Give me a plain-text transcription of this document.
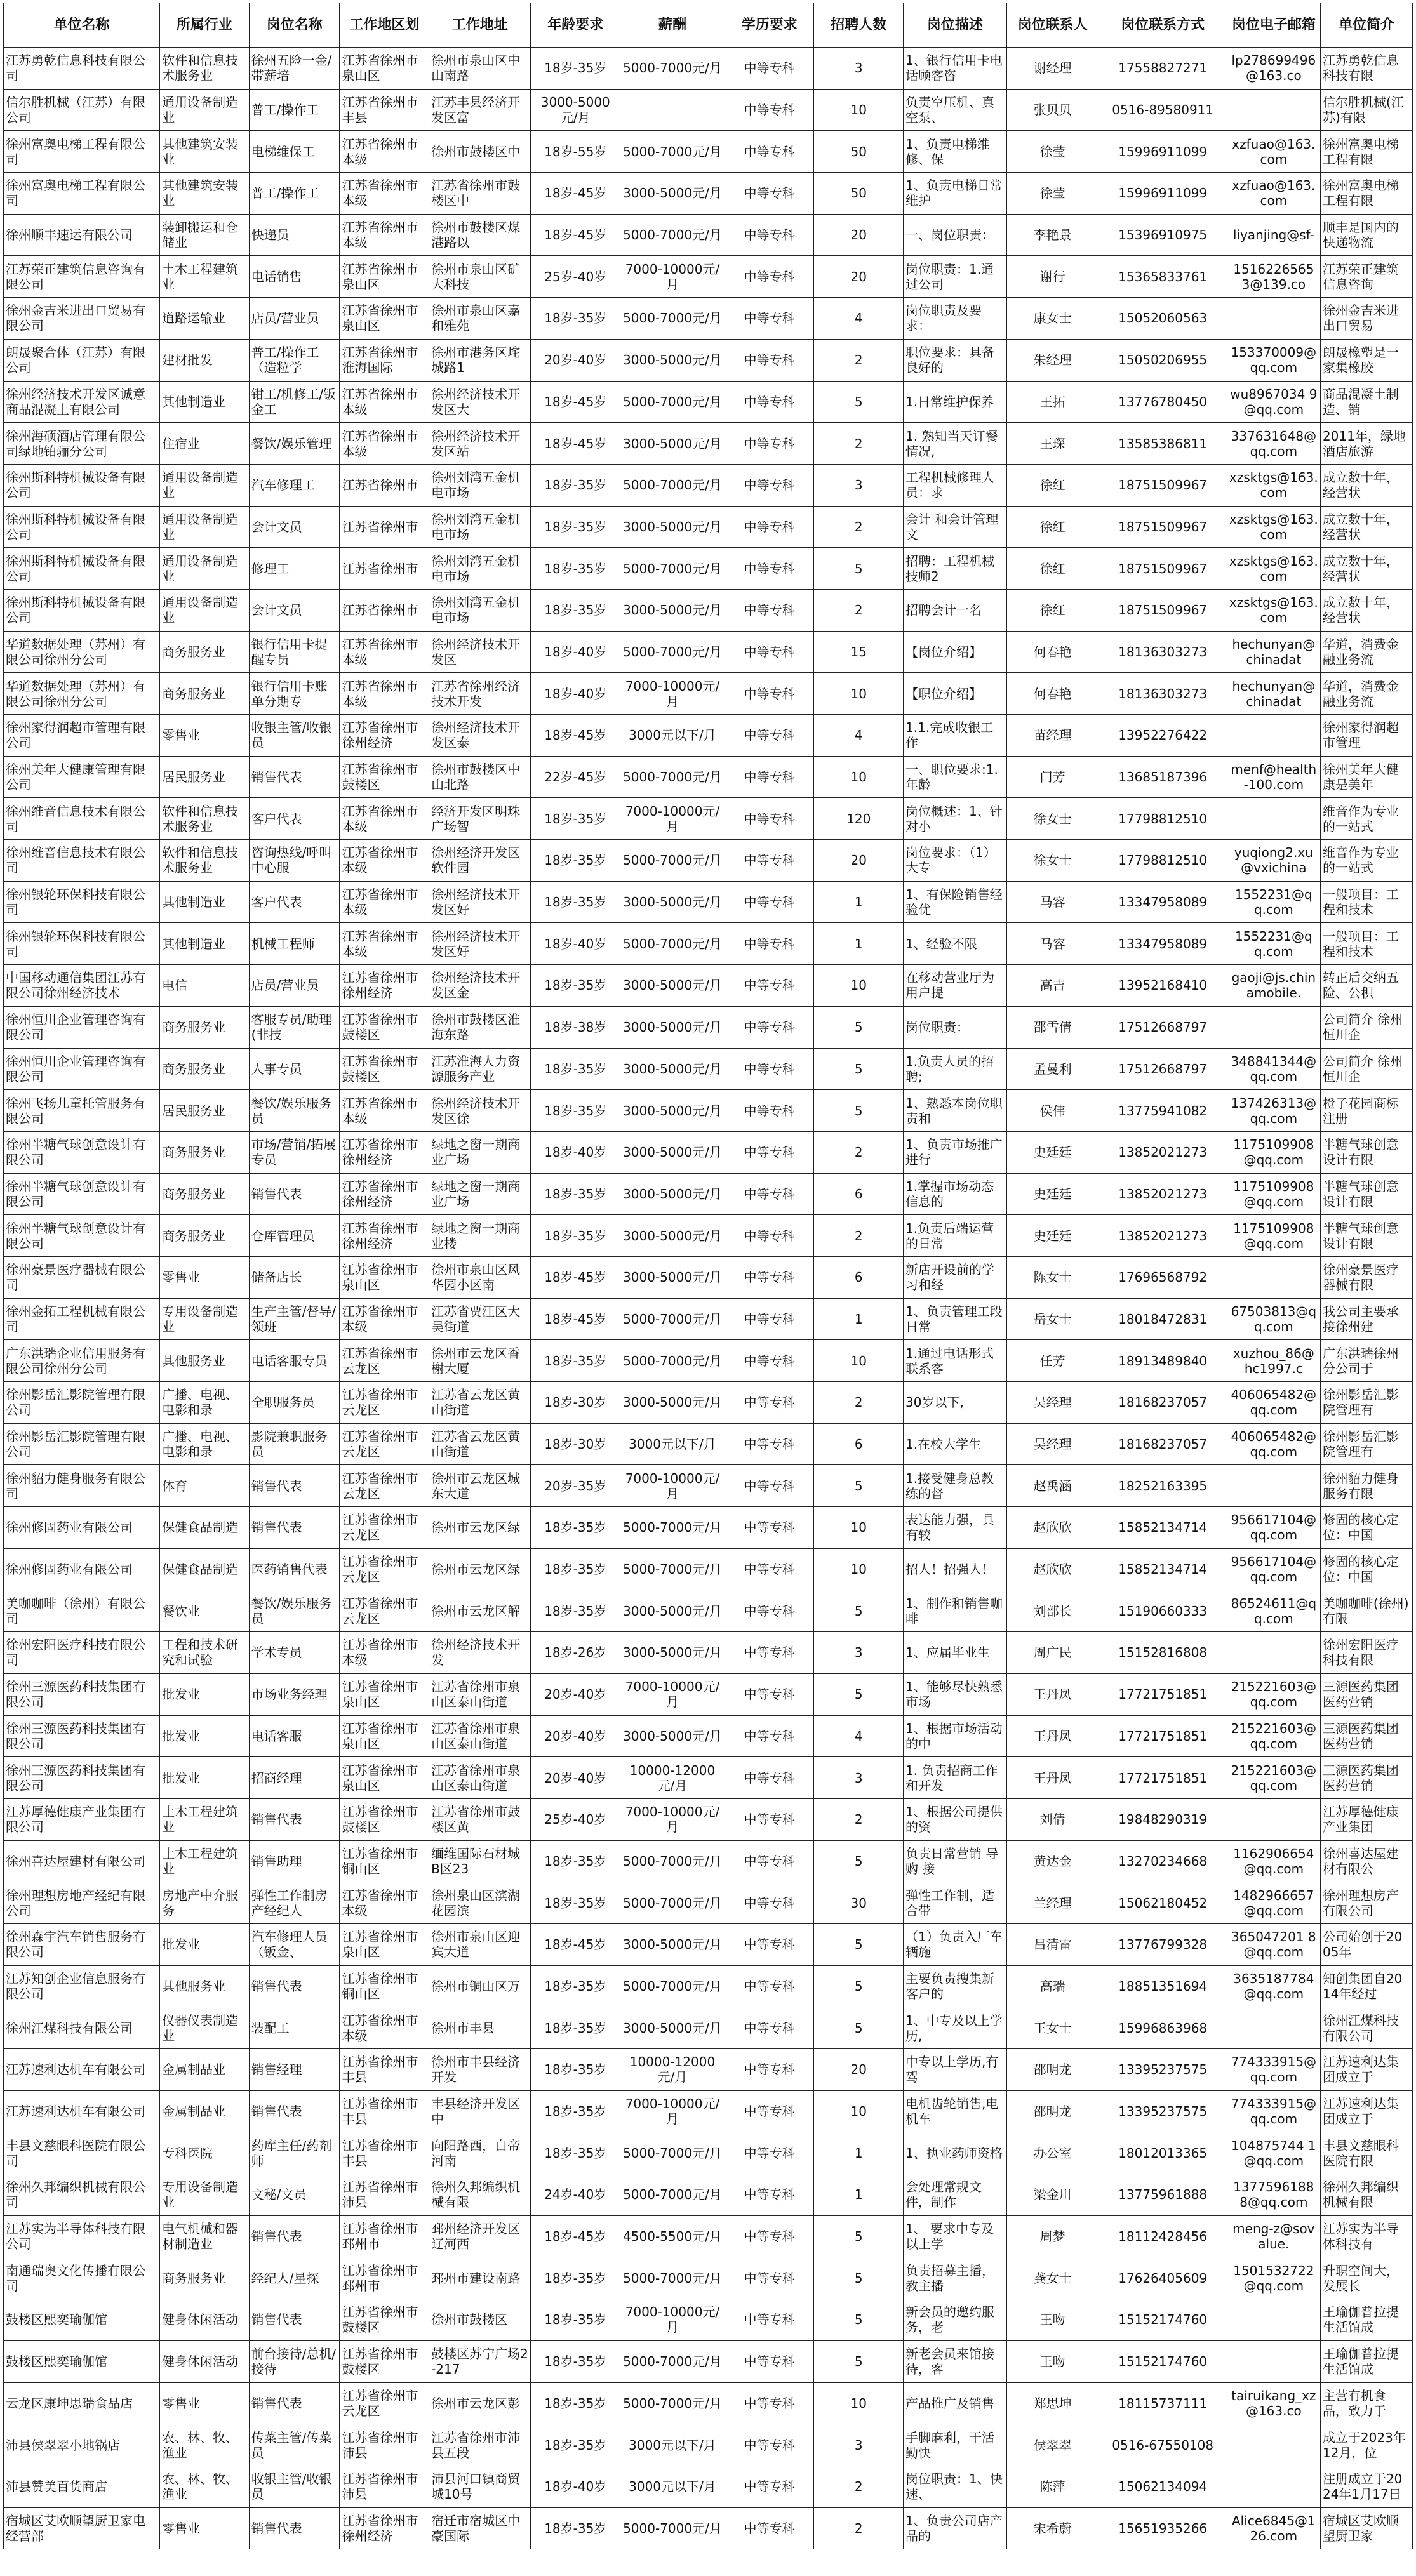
单位名称	所属行业	岗位名称	工作地区划	工作地址	年龄要求	薪酬	学历要求	招聘人数	岗位描述	岗位联系人	岗位联系方式	岗位电子邮箱	单位简介

江苏勇乾信息科技有限公司	软件和信息技术服务业	徐州五险一金/带薪培	江苏省徐州市泉山区	徐州市泉山区中山南路	18岁-35岁	5000-7000元/月	中等专科	3	1、银行信用卡电话顾客咨	谢经理	17558827271	lp278699496@163.co	江苏勇乾信息科技有限

信尔胜机械（江苏）有限公司	通用设备制造业	普工/操作工	江苏省徐州市丰县	江苏丰县经济开发区富	3000-5000元/月		中等专科	10	负责空压机、真空泵、	张贝贝	0516-89580911		信尔胜机械(江苏)有限

徐州富奥电梯工程有限公司	其他建筑安装业	电梯维保工	江苏省徐州市本级	徐州市鼓楼区中	18岁-55岁	5000-7000元/月	中等专科	50	1、负责电梯维修、保	徐莹	15996911099	xzfuao@163.com	徐州富奥电梯工程有限

徐州富奥电梯工程有限公司	其他建筑安装业	普工/操作工	江苏省徐州市本级	江苏省徐州市鼓楼区中	18岁-45岁	3000-5000元/月	中等专科	50	1、负责电梯日常维护	徐莹	15996911099	xzfuao@163.com	徐州富奥电梯工程有限

徐州顺丰速运有限公司	装卸搬运和仓储业	快递员	江苏省徐州市本级	徐州市鼓楼区煤港路以	18岁-45岁	5000-7000元/月	中等专科	20	一、岗位职责：	李艳景	15396910975	liyanjing@sf-	顺丰是国内的快递物流

江苏荣正建筑信息咨询有限公司	土木工程建筑业	电话销售	江苏省徐州市泉山区	徐州市泉山区矿大科技	25岁-40岁	7000-10000元/月	中等专科	20	岗位职责：1.通过公司	谢行	15365833761	1516226565 3@139.co	江苏荣正建筑信息咨询

徐州金吉米进出口贸易有限公司	道路运输业	店员/营业员	江苏省徐州市泉山区	徐州市泉山区嘉和雅苑	18岁-35岁	5000-7000元/月	中等专科	4	岗位职责及要求：	康女士	15052060563		徐州金吉米进出口贸易

朗晟聚合体（江苏）有限公司	建材批发	普工/操作工（造粒学	江苏省徐州市淮海国际	徐州市港务区垞城路1	20岁-40岁	3000-5000元/月	中等专科	2	职位要求：具备良好的	朱经理	15050206955	153370009@qq.com	朗晟橡塑是一家集橡胶

徐州经济技术开发区诚意商品混凝土有限公司	其他制造业	钳工/机修工/钣金工	江苏省徐州市本级	徐州经济技术开发区大	18岁-45岁	5000-7000元/月	中等专科	5	1.日常维护保养	王拓	13776780450	wu8967034 9@qq.com	商品混凝土制造、销

徐州海硕酒店管理有限公司绿地铂骊分公司	住宿业	餐饮/娱乐管理	江苏省徐州市本级	徐州经济技术开发区站	18岁-45岁	3000-5000元/月	中等专科	2	1. 熟知当天订餐情况,	王琛	13585386811	337631648@qq.com	2011年，绿地酒店旅游

徐州斯科特机械设备有限公司	通用设备制造业	汽车修理工	江苏省徐州市	徐州刘湾五金机电市场	18岁-35岁	5000-7000元/月	中等专科	3	工程机械修理人员：求	徐红	18751509967	xzsktgs@163.com	成立数十年，经营状

徐州斯科特机械设备有限公司	通用设备制造业	会计文员	江苏省徐州市	徐州刘湾五金机电市场	18岁-35岁	3000-5000元/月	中等专科	2	会计 和会计管理 文	徐红	18751509967	xzsktgs@163.com	成立数十年，经营状

徐州斯科特机械设备有限公司	通用设备制造业	修理工	江苏省徐州市	徐州刘湾五金机电市场	18岁-35岁	5000-7000元/月	中等专科	5	招聘：工程机械技师2	徐红	18751509967	xzsktgs@163.com	成立数十年，经营状

徐州斯科特机械设备有限公司	通用设备制造业	会计文员	江苏省徐州市	徐州刘湾五金机电市场	18岁-35岁	3000-5000元/月	中等专科	2	招聘会计一名	徐红	18751509967	xzsktgs@163.com	成立数十年，经营状

华道数据处理（苏州）有限公司徐州分公司	商务服务业	银行信用卡提醒专员	江苏省徐州市本级	徐州经济技术开发区	18岁-40岁	5000-7000元/月	中等专科	15	【岗位介绍】	何春艳	18136303273	hechunyan@chinadat	华道，消费金融业务流

华道数据处理（苏州）有限公司徐州分公司	商务服务业	银行信用卡账单分期专	江苏省徐州市本级	江苏省徐州经济技术开发	18岁-40岁	7000-10000元/月	中等专科	10	【职位介绍】	何春艳	18136303273	hechunyan@chinadat	华道，消费金融业务流

徐州家得润超市管理有限公司	零售业	收银主管/收银员	江苏省徐州市徐州经济	徐州经济技术开发区泰	18岁-45岁	3000元以下/月	中等专科	4	1.1.完成收银工作	苗经理	13952276422		徐州家得润超市管理

徐州美年大健康管理有限公司	居民服务业	销售代表	江苏省徐州市鼓楼区	徐州市鼓楼区中山北路	22岁-45岁	5000-7000元/月	中等专科	10	一、职位要求:1.年龄	门芳	13685187396	menf@health-100.com	徐州美年大健康是美年

徐州维音信息技术有限公司	软件和信息技术服务业	客户代表	江苏省徐州市本级	经济开发区明珠广场智	18岁-35岁	7000-10000元/月	中等专科	120	岗位概述：1、针对小	徐女士	17798812510		维音作为专业的一站式

徐州维音信息技术有限公司	软件和信息技术服务业	咨询热线/呼叫中心服	江苏省徐州市本级	徐州经济开发区软件园	18岁-35岁	5000-7000元/月	中等专科	20	岗位要求：（1）大专	徐女士	17798812510	yuqiong2.xu@vxichina	维音作为专业的一站式

徐州银轮环保科技有限公司	其他制造业	客户代表	江苏省徐州市本级	徐州经济技术开发区好	18岁-35岁	3000-5000元/月	中等专科	1	1、有保险销售经验优	马容	13347958089	1552231@qq.com	一般项目：工程和技术

徐州银轮环保科技有限公司	其他制造业	机械工程师	江苏省徐州市本级	徐州经济技术开发区好	18岁-40岁	5000-7000元/月	中等专科	1	1、经验不限	马容	13347958089	1552231@qq.com	一般项目：工程和技术

中国移动通信集团江苏有限公司徐州经济技术	电信	店员/营业员	江苏省徐州市徐州经济	徐州经济技术开发区金	18岁-35岁	3000-5000元/月	中等专科	10	在移动营业厅为用户提	高吉	13952168410	gaoji@js.chinamobile.	转正后交纳五险、公积

徐州恒川企业管理咨询有限公司	商务服务业	客服专员/助理(非技	江苏省徐州市鼓楼区	徐州市鼓楼区淮海东路	18岁-38岁	3000-5000元/月	中等专科	5	岗位职责：	邵雪倩	17512668797		公司简介 徐州恒川企

徐州恒川企业管理咨询有限公司	商务服务业	人事专员	江苏省徐州市鼓楼区	江苏淮海人力资源服务产业	18岁-35岁	3000-5000元/月	中等专科	5	1.负责人员的招聘;	孟曼利	17512668797	348841344@qq.com	公司简介 徐州恒川企

徐州飞扬儿童托管服务有限公司	居民服务业	餐饮/娱乐服务员	江苏省徐州市本级	徐州经济技术开发区徐	18岁-35岁	3000-5000元/月	中等专科	5	1、熟悉本岗位职责和	侯伟	13775941082	137426313@qq.com	橙子花园商标注册

徐州半糖气球创意设计有限公司	商务服务业	市场/营销/拓展专员	江苏省徐州市徐州经济	绿地之窗一期商业广场	18岁-40岁	3000-5000元/月	中等专科	2	1、负责市场推广进行	史廷廷	13852021273	1175109908@qq.com	半糖气球创意设计有限

徐州半糖气球创意设计有限公司	商务服务业	销售代表	江苏省徐州市徐州经济	绿地之窗一期商业广场	18岁-35岁	3000-5000元/月	中等专科	6	1.掌握市场动态信息的	史廷廷	13852021273	1175109908@qq.com	半糖气球创意设计有限

徐州半糖气球创意设计有限公司	商务服务业	仓库管理员	江苏省徐州市徐州经济	绿地之窗一期商业楼	18岁-35岁	3000-5000元/月	中等专科	2	1.负责后端运营的日常	史廷廷	13852021273	1175109908@qq.com	半糖气球创意设计有限

徐州豪景医疗器械有限公司	零售业	储备店长	江苏省徐州市泉山区	徐州市泉山区风华园小区南	18岁-45岁	3000-5000元/月	中等专科	6	新店开设前的学习和经	陈女士	17696568792		徐州豪景医疗器械有限

徐州金拓工程机械有限公司	专用设备制造业	生产主管/督导/领班	江苏省徐州市本级	江苏省贾汪区大吴街道	18岁-45岁	5000-7000元/月	中等专科	1	1、负责管理工段日常	岳女士	18018472831	67503813@qq.com	我公司主要承接徐州建

广东洪瑞企业信用服务有限公司徐州分公司	其他服务业	电话客服专员	江苏省徐州市云龙区	徐州市云龙区香榭大厦	18岁-35岁	5000-7000元/月	中等专科	10	1.通过电话形式联系客	任芳	18913489840	xuzhou_86@hc1997.c	广东洪瑞徐州分公司于

徐州影岳汇影院管理有限公司	广播、电视、电影和录	全职服务员	江苏省徐州市云龙区	江苏省云龙区黄山街道	18岁-30岁	3000-5000元/月	中等专科	2	30岁以下,	吴经理	18168237057	406065482@qq.com	徐州影岳汇影院管理有

徐州影岳汇影院管理有限公司	广播、电视、电影和录	影院兼职服务员	江苏省徐州市云龙区	江苏省云龙区黄山街道	18岁-30岁	3000元以下/月	中等专科	6	1.在校大学生	吴经理	18168237057	406065482@qq.com	徐州影岳汇影院管理有

徐州貂力健身服务有限公司	体育	销售代表	江苏省徐州市云龙区	徐州市云龙区城东大道	20岁-35岁	7000-10000元/月	中等专科	5	1.接受健身总教练的督	赵禹涵	18252163395		徐州貂力健身服务有限

徐州修固药业有限公司	保健食品制造	销售代表	江苏省徐州市云龙区	徐州市云龙区绿	18岁-35岁	5000-7000元/月	中等专科	10	表达能力强，具有较	赵欣欣	15852134714	956617104@qq.com	修固的核心定位：中国

徐州修固药业有限公司	保健食品制造	医药销售代表	江苏省徐州市云龙区	徐州市云龙区绿	18岁-35岁	5000-7000元/月	中等专科	10	招人！招强人！	赵欣欣	15852134714	956617104@qq.com	修固的核心定位：中国

美咖咖啡（徐州）有限公司	餐饮业	餐饮/娱乐服务员	江苏省徐州市云龙区	徐州市云龙区解	18岁-35岁	3000-5000元/月	中等专科	5	1、制作和销售咖啡	刘部长	15190660333	86524611@qq.com	美咖咖啡(徐州)有限

徐州宏阳医疗科技有限公司	工程和技术研究和试验	学术专员	江苏省徐州市本级	徐州经济技术开发	18岁-26岁	3000-5000元/月	中等专科	3	1、应届毕业生	周广民	15152816808		徐州宏阳医疗科技有限

徐州三源医药科技集团有限公司	批发业	市场业务经理	江苏省徐州市泉山区	江苏省徐州市泉山区泰山街道	20岁-40岁	7000-10000元/月	中等专科	5	1、能够尽快熟悉市场	王丹凤	17721751851	215221603@qq.com	三源医药集团医药营销

徐州三源医药科技集团有限公司	批发业	电话客服	江苏省徐州市泉山区	江苏省徐州市泉山区泰山街道	20岁-40岁	3000-5000元/月	中等专科	4	1、根据市场活动的中	王丹凤	17721751851	215221603@qq.com	三源医药集团医药营销

徐州三源医药科技集团有限公司	批发业	招商经理	江苏省徐州市泉山区	江苏省徐州市泉山区泰山街道	20岁-40岁	10000-12000元/月	中等专科	3	1. 负责招商工作和开发	王丹凤	17721751851	215221603@qq.com	三源医药集团医药营销

江苏厚德健康产业集团有限公司	土木工程建筑业	销售代表	江苏省徐州市鼓楼区	江苏省徐州市鼓楼区黄	25岁-40岁	7000-10000元/月	中等专科	2	1、根据公司提供的资	刘倩	19848290319		江苏厚德健康产业集团

徐州喜达屋建材有限公司	土木工程建筑业	销售助理	江苏省徐州市铜山区	缅维国际石材城B区23	18岁-35岁	5000-7000元/月	中等专科	5	负责日常营销 导购 接	黄达金	13270234668	1162906654@qq.com	徐州喜达屋建材有限公

徐州理想房地产经纪有限公司	房地产中介服务	弹性工作制房产经纪人	江苏省徐州市本级	徐州泉山区滨湖花园滨	18岁-35岁	5000-7000元/月	中等专科	30	弹性工作制，适合带	兰经理	15062180452	1482966657@qq.com	徐州理想房产有限公司

徐州森宇汽车销售服务有限公司	批发业	汽车修理人员（钣金、	江苏省徐州市泉山区	徐州市泉山区迎宾大道	18岁-45岁	3000-5000元/月	中等专科	5	（1）负责入厂车辆施	吕清雷	13776799328	365047201 8@qq.com	公司始创于2005年

江苏知创企业信息服务有限公司	其他服务业	销售代表	江苏省徐州市铜山区	徐州市铜山区万	18岁-35岁	5000-7000元/月	中等专科	5	主要负责搜集新客户的	高瑞	18851351694	3635187784@qq.com	知创集团自2014年经过

徐州江煤科技有限公司	仪器仪表制造业	装配工	江苏省徐州市本级	徐州市丰县	18岁-35岁	3000-5000元/月	中等专科	5	1、中专及以上学历,	王女士	15996863968		徐州江煤科技有限公司

江苏速利达机车有限公司	金属制品业	销售经理	江苏省徐州市丰县	徐州市丰县经济开发	18岁-35岁	10000-12000元/月	中等专科	20	中专以上学历,有驾	邵明龙	13395237575	774333915@qq.com	江苏速利达集团成立于

江苏速利达机车有限公司	金属制品业	销售代表	江苏省徐州市丰县	丰县经济开发区中	18岁-35岁	7000-10000元/月	中等专科	10	电机齿轮销售,电机车	邵明龙	13395237575	774333915@qq.com	江苏速利达集团成立于

丰县文慈眼科医院有限公司	专科医院	药库主任/药剂师	江苏省徐州市丰县	向阳路西，白帝河南	18岁-35岁	5000-7000元/月	中等专科	1	1、执业药师资格	办公室	18012013365	104875744 1@qq.com	丰县文慈眼科医院有限

徐州久邦编织机械有限公司	专用设备制造业	文秘/文员	江苏省徐州市沛县	徐州久邦编织机械有限	24岁-40岁	5000-7000元/月	中等专科	1	会处理常规文件，制作	梁金川	13775961888	1377596188 8@qq.com	徐州久邦编织机械有限

江苏实为半导体科技有限公司	电气机械和器材制造业	销售代表	江苏省徐州市邳州市	邳州经济开发区辽河西	18岁-45岁	4500-5500元/月	中等专科	5	1、 要求中专及以上学	周梦	18112428456	meng-z@sovalue.	江苏实为半导体科技有

南通瑞奥文化传播有限公司	商务服务业	经纪人/星探	江苏省徐州市邳州市	邳州市建设南路	18岁-35岁	5000-7000元/月	中等专科	5	负责招募主播，教主播	龚女士	17626405609	1501532722@qq.com	升职空间大，发展长

鼓楼区熙奕瑜伽馆	健身休闲活动	销售代表	江苏省徐州市鼓楼区	徐州市鼓楼区	18岁-35岁	7000-10000元/月	中等专科	5	新会员的邀约服务，老	王吻	15152174760		王瑜伽普拉提生活馆成

鼓楼区熙奕瑜伽馆	健身休闲活动	前台接待/总机/接待	江苏省徐州市鼓楼区	鼓楼区苏宁广场2-217	18岁-35岁	5000-7000元/月	中等专科	5	新老会员来馆接待，客	王吻	15152174760		王瑜伽普拉提生活馆成

云龙区康坤思瑞食品店	零售业	销售代表	江苏省徐州市云龙区	徐州市云龙区彭	18岁-35岁	5000-7000元/月	中等专科	10	产品推广及销售	郑思坤	18115737111	tairuikang_xz@163.co	主营有机食品，致力于

沛县侯翠翠小地锅店	农、林、牧、渔业	传菜主管/传菜员	江苏省徐州市沛县	江苏省徐州市沛县五段	18岁-35岁	3000元以下/月	中等专科	3	手脚麻利，干活勤快	侯翠翠	0516-67550108		成立于2023年12月，位

沛县赞美百货商店	农、林、牧、渔业	收银主管/收银员	江苏省徐州市沛县	沛县河口镇商贸城10号	18岁-40岁	3000元以下/月	中等专科	2	岗位职责：1、快速、	陈萍	15062134094		注册成立于2024年1月17日

宿城区艾欧顺望厨卫家电经营部	零售业	销售代表	江苏省徐州市徐州经济	宿迁市宿城区中豪国际	18岁-35岁	5000-7000元/月	中等专科	2	1、负责公司店产品的	宋希蔚	15651935266	Alice6845@126.com	宿城区艾欧顺望厨卫家
